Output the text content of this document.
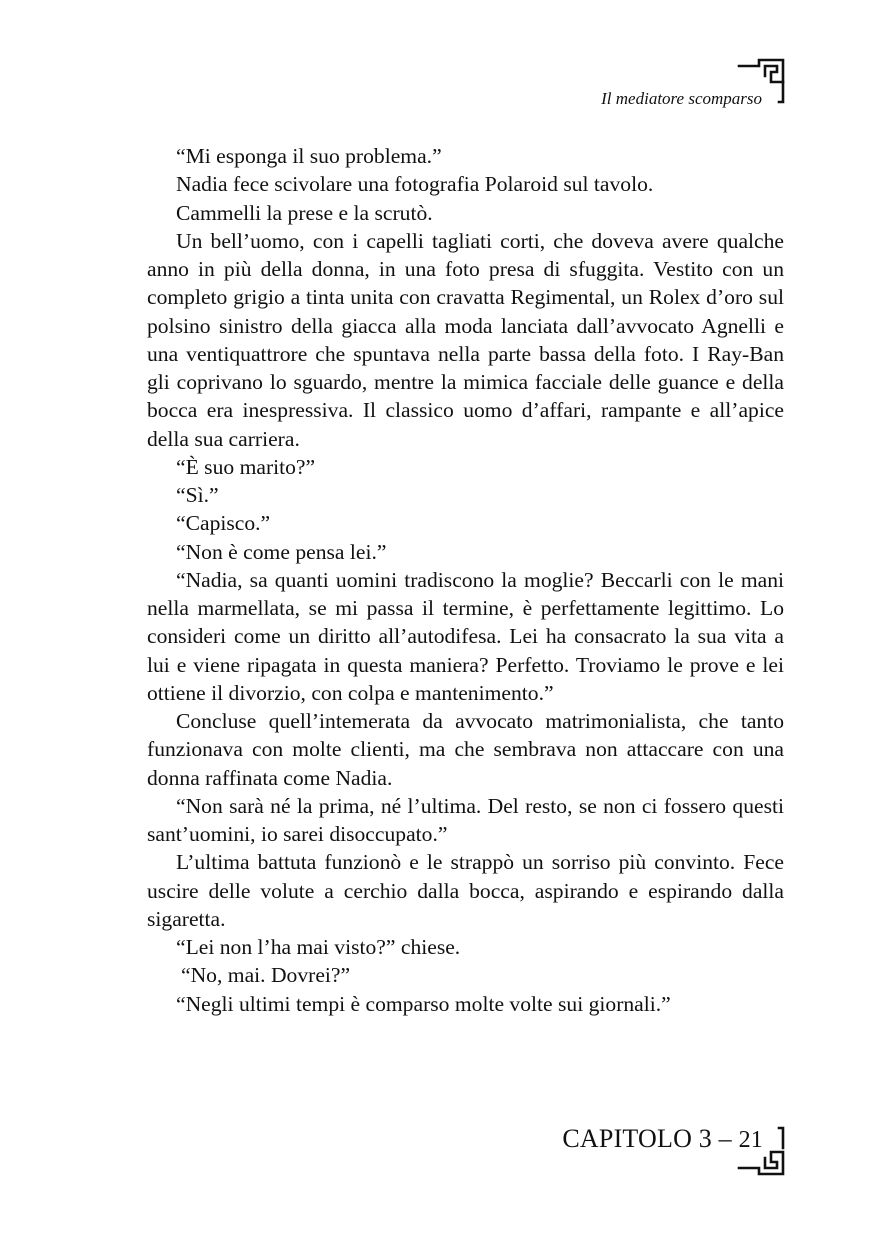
Il mediatore scomparso

“Mi esponga il suo problema.”

Nadia fece scivolare una fotografia Polaroid sul tavolo.

Cammelli la prese e la scrutò.

Un bell’uomo, con i capelli tagliati corti, che doveva avere qualche anno in più della donna, in una foto presa di sfuggita. Vestito con un completo grigio a tinta unita con cravatta Regimental, un Rolex d’oro sul polsino sinistro della giacca alla moda lanciata dall’avvocato Agnelli e una ventiquattrore che spuntava nella parte bassa della foto. I Ray-Ban gli coprivano lo sguardo, mentre la mimica facciale delle guance e della bocca era inespressiva. Il classico uomo d’affari, rampante e all’apice della sua carriera.

“È suo marito?”

“Sì.”

“Capisco.”

“Non è come pensa lei.”

“Nadia, sa quanti uomini tradiscono la moglie? Beccarli con le mani nella marmellata, se mi passa il termine, è perfettamente legittimo. Lo consideri come un diritto all’autodifesa. Lei ha consacrato la sua vita a lui e viene ripagata in questa maniera? Perfetto. Troviamo le prove e lei ottiene il divorzio, con colpa e mantenimento.”

Concluse quell’intemerata da avvocato matrimonialista, che tanto funzionava con molte clienti, ma che sembrava non attaccare con una donna raffinata come Nadia.

“Non sarà né la prima, né l’ultima. Del resto, se non ci fossero questi sant’uomini, io sarei disoccupato.”

L’ultima battuta funzionò e le strappò un sorriso più convinto. Fece uscire delle volute a cerchio dalla bocca, aspirando e espirando dalla sigaretta.

“Lei non l’ha mai visto?” chiese.

“No, mai. Dovrei?”

“Negli ultimi tempi è comparso molte volte sui giornali.”

CAPITOLO 3 – 21
